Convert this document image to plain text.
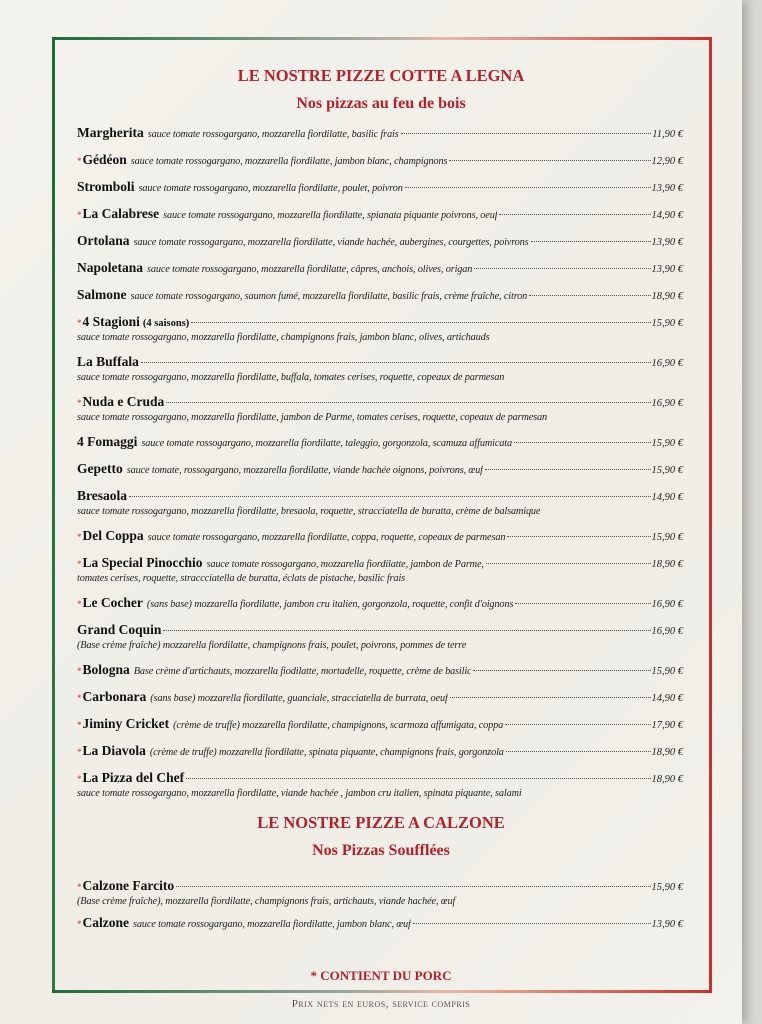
LE NOSTRE PIZZE COTTE A LEGNA
Nos pizzas au feu de bois
Margherita sauce tomate rossogargano, mozzarella fiordilatte, basilic frais	11,90 €
* Gédéon sauce tomate rossogargano, mozzarella fiordilatte, jambon blanc, champignons	12,90 €
Stromboli sauce tomate rossogargano, mozzarella fiordilatte, poulet, poivron	13,90 €
* La Calabrese sauce tomate rossogargano, mozzarella fiordilatte, spianata piquante poivrons, oeuf	14,90 €
Ortolana sauce tomate rossogargano, mozzarella fiordilatte, viande hachée, aubergines, courgettes, poivrons	13,90 €
Napoletana sauce tomate rossogargano, mozzarella fiordilatte, câpres, anchois, olives, origan	13,90 €
Salmone sauce tomate rossogargano, saumon fumé, mozzarella fiordilatte, basilic frais, crème fraîche, citron	18,90 €
* 4 Stagioni (4 saisons)	15,90 €
sauce tomate rossogargano, mozzarella fiordilatte, champignons frais, jambon blanc, olives, artichauds
La Buffala	16,90 €
sauce tomate rossogargano, mozzarella fiordilatte, buffala, tomates cerises, roquette, copeaux de parmesan
* Nuda e Cruda	16,90 €
sauce tomate rossogargano, mozzarella fiordilatte, jambon de Parme, tomates cerises, roquette, copeaux de parmesan
4 Fomaggi sauce tomate rossogargano, mozzarella fiordilatte, taleggio, gorgonzola, scamuza affumicata	15,90 €
Gepetto sauce tomate, rossogargano, mozzarella fiordilatte, viande hachée oignons, poivrons, œuf	15,90 €
Bresaola	14,90 €
sauce tomate rossogargano, mozzarella fiordilatte, bresaola, roquette, stracciatella de buratta, crème de balsamique
* Del Coppa sauce tomate rossogargano, mozzarella fiordilatte, coppa, roquette, copeaux de parmesan	15,90 €
* La Special Pinocchio sauce tomate rossogargano, mozzarella fiordilatte, jambon de Parme,	18,90 €
tomates cerises, roquette, straccciatella de buratta, éclats de pistache, basilic frais
* Le Cocher (sans base) mozzarella fiordilatte, jambon cru italien, gorgonzola, roquette, confit d'oignons	16,90 €
Grand Coquin	16,90 €
(Base crème fraîche) mozzarella fiordilatte, champignons frais, poulet, poivrons, pommes de terre
* Bologna Base crème d'artichauts, mozzarella fiodilatte, mortadelle, roquette, crème de basilic	15,90 €
* Carbonara (sans base) mozzarella fiordilatte, guanciale, stracciatella de burrata, oeuf	14,90 €
* Jiminy Cricket (crème de truffe) mozzarella fiordilatte, champignons, scarmoza affumigata, coppa	17,90 €
* La Diavola (crème de truffe) mozzarella fiordilatte, spinata piquante, champignons frais, gorgonzola	18,90 €
* La Pizza del Chef	18,90 €
sauce tomate rossogargano, mozzarella fiordilatte, viande hachée , jambon cru italien, spinata piquante, salami
LE NOSTRE PIZZE A CALZONE
Nos Pizzas Soufflées
* Calzone Farcito	15,90 €
(Base crème fraîche), mozzarella fiordilatte, champignons frais, artichauts, viande hachée, œuf
* Calzone sauce tomate rossogargano, mozzarella fiordilatte, jambon blanc, œuf	13,90 €
* CONTIENT DU PORC
Prix nets en euros, service compris
